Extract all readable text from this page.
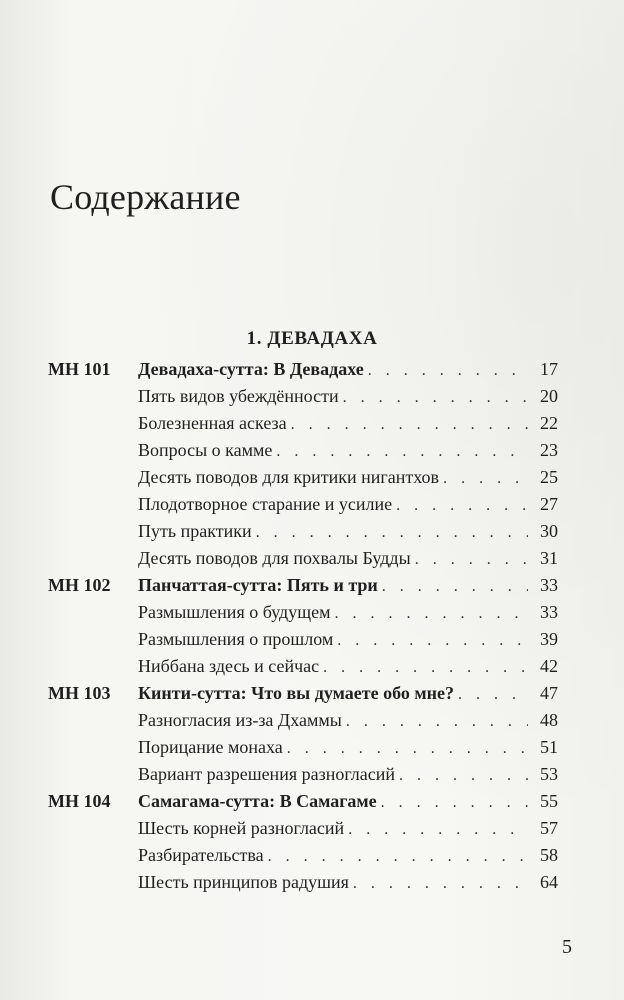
Содержание
1. ДЕВАДАХА
MH 101	Девадаха-сутта: В Девадахе . . .	17
Пять видов убеждённости . . .	20
Болезненная аскеза . . .	22
Вопросы о камме . . .	23
Десять поводов для критики нигантхов . . .	25
Плодотворное старание и усилие . . .	27
Путь практики . . .	30
Десять поводов для похвалы Будды . . .	31
MH 102	Панчаттая-сутта: Пять и три . . .	33
Размышления о будущем . . .	33
Размышления о прошлом . . .	39
Ниббана здесь и сейчас . . .	42
MH 103	Кинти-сутта: Что вы думаете обо мне? . . .	47
Разногласия из-за Дхаммы . . .	48
Порицание монаха . . .	51
Вариант разрешения разногласий . . .	53
MH 104	Самагама-сутта: В Самагаме . . .	55
Шесть корней разногласий . . .	57
Разбирательства . . .	58
Шесть принципов радушия . . .	64
5
